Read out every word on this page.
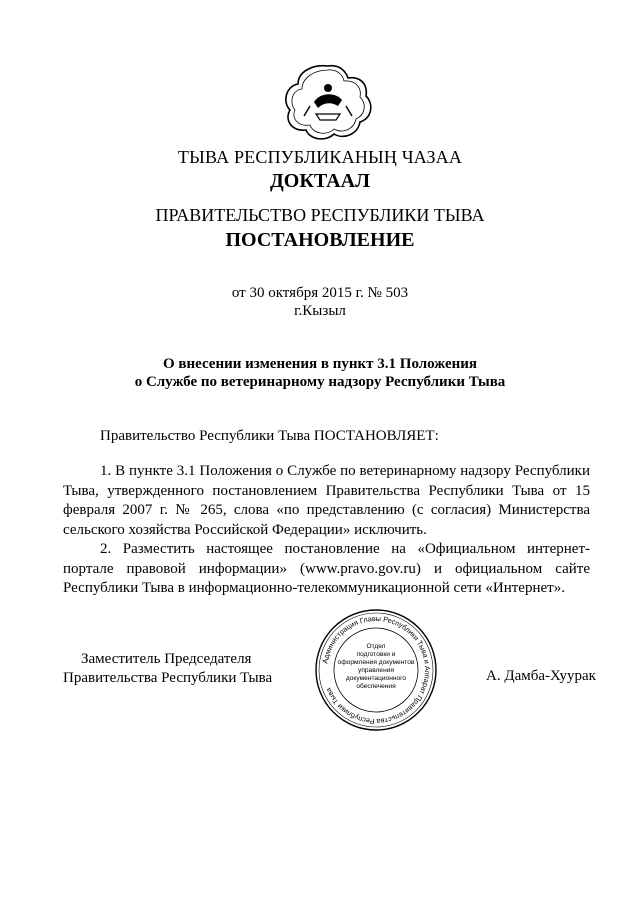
ТЫВА РЕСПУБЛИКАНЫҢ ЧАЗАА
ДОКТААЛ
ПРАВИТЕЛЬСТВО РЕСПУБЛИКИ ТЫВА
ПОСТАНОВЛЕНИЕ
от 30 октября 2015 г. № 503
г.Кызыл
О внесении изменения в пункт 3.1 Положения
о Службе по ветеринарному надзору Республики Тыва
Правительство Республики Тыва ПОСТАНОВЛЯЕТ:

1. В пункте 3.1 Положения о Службе по ветеринарному надзору Республики Тыва, утвержденного постановлением Правительства Республики Тыва от 15 февраля 2007 г. № 265, слова «по представлению (с согласия) Министерства сельского хозяйства Российской Федерации» исключить.

2. Разместить настоящее постановление на «Официальном интернет-портале правовой информации» (www.pravo.gov.ru) и официальном сайте Республики Тыва в информационно-телекоммуникационной сети «Интернет».

Заместитель Председателя
Правительства Республики Тыва
Администрация Главы Республики Тыва и Аппарат Правительства Республики Тыва
Отдел
подготовки и
оформления документов
управления
документационного
обеспечения
А. Дамба-Хуурак
